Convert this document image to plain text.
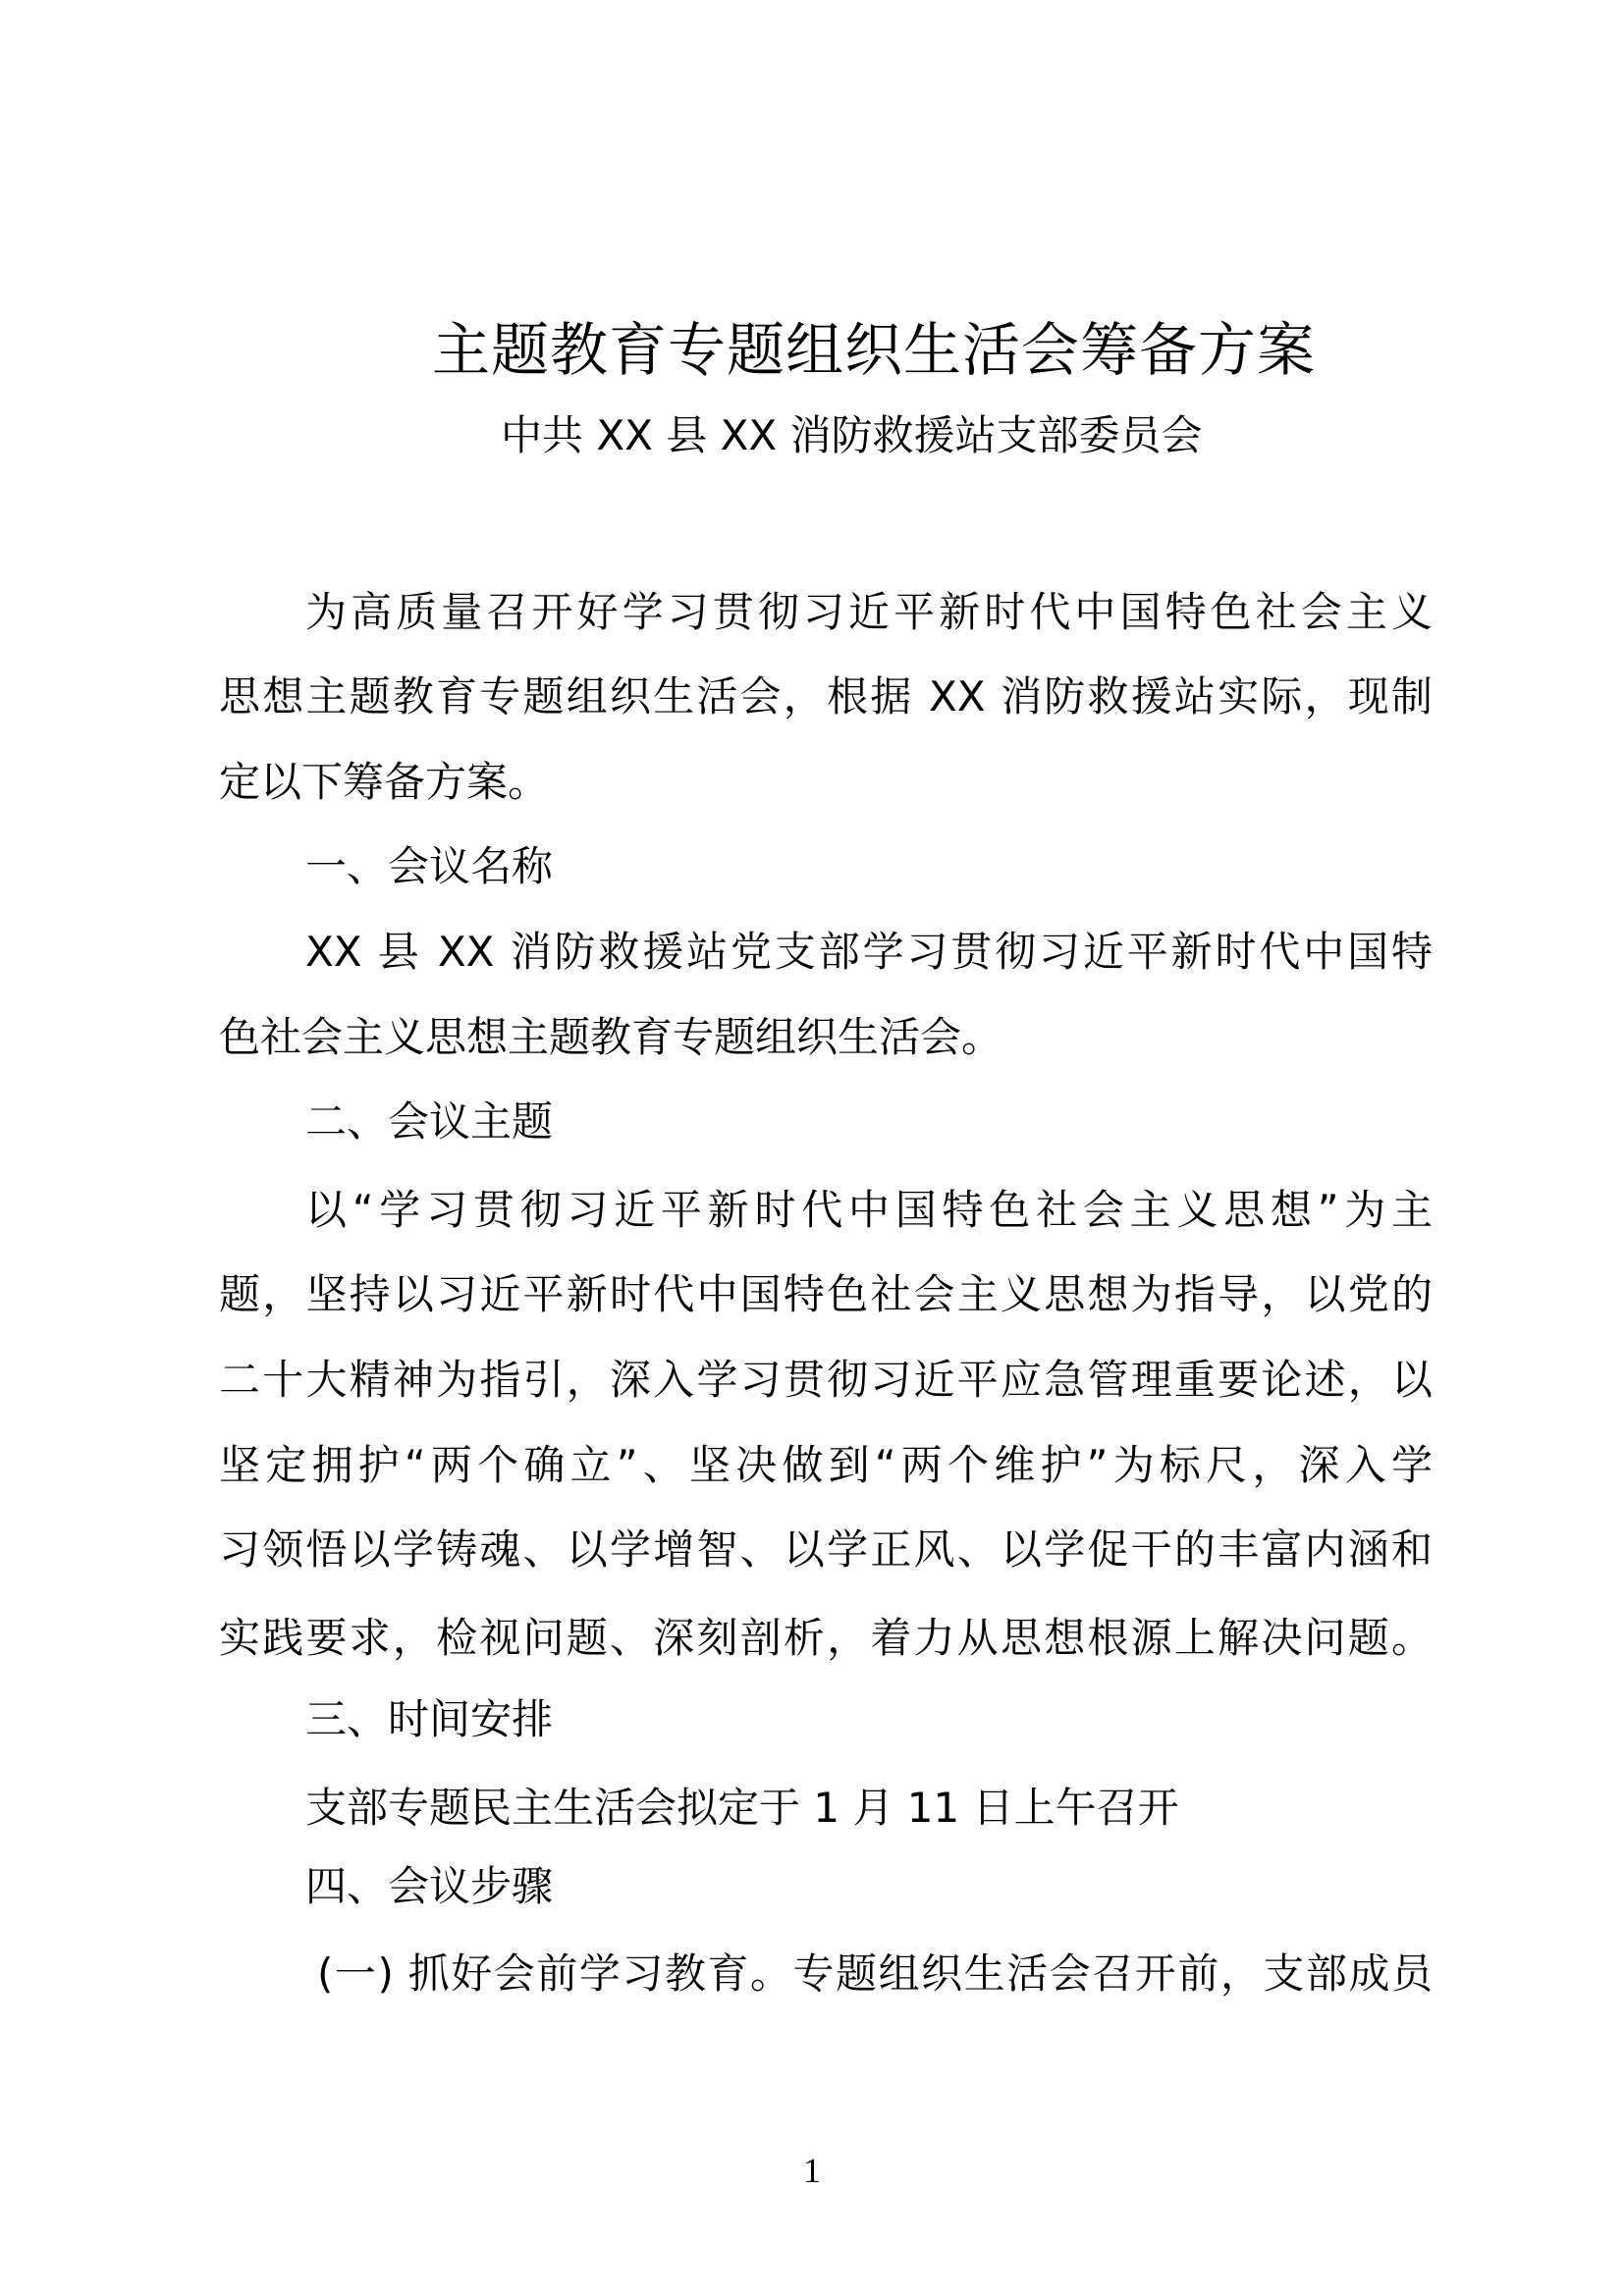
主题教育专题组织生活会筹备方案
中共 XX 县 XX 消防救援站支部委员会
为高质量召开好学习贯彻习近平新时代中国特色社会主义
思想主题教育专题组织生活会，根据 XX 消防救援站实际，现制
定以下筹备方案。
一、会议名称
XX 县 XX 消防救援站党支部学习贯彻习近平新时代中国特
色社会主义思想主题教育专题组织生活会。
二、会议主题
以“学习贯彻习近平新时代中国特色社会主义思想”为主
题，坚持以习近平新时代中国特色社会主义思想为指导，以党的
二十大精神为指引，深入学习贯彻习近平应急管理重要论述，以
坚定拥护“两个确立”、坚决做到“两个维护”为标尺，深入学
习领悟以学铸魂、以学增智、以学正风、以学促干的丰富内涵和
实践要求，检视问题、深刻剖析，着力从思想根源上解决问题。
三、时间安排
支部专题民主生活会拟定于 1 月 11 日上午召开
四、会议步骤
(一) 抓好会前学习教育。专题组织生活会召开前，支部成员
1
